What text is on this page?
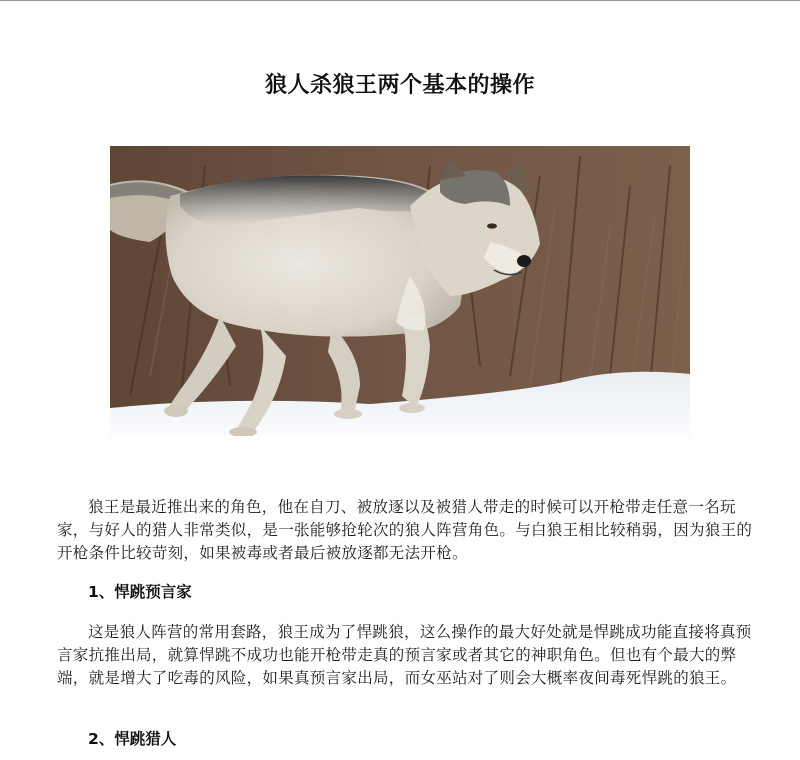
狼人杀狼王两个基本的操作

狼王是最近推出来的角色，他在自刀、被放逐以及被猎人带走的时候可以开枪带走任意一名玩家，与好人的猎人非常类似，是一张能够抢轮次的狼人阵营角色。与白狼王相比较稍弱，因为狼王的开枪条件比较苛刻，如果被毒或者最后被放逐都无法开枪。

1、悍跳预言家

这是狼人阵营的常用套路，狼王成为了悍跳狼，这么操作的最大好处就是悍跳成功能直接将真预言家抗推出局，就算悍跳不成功也能开枪带走真的预言家或者其它的神职角色。但也有个最大的弊端，就是增大了吃毒的风险，如果真预言家出局，而女巫站对了则会大概率夜间毒死悍跳的狼王。

2、悍跳猎人
